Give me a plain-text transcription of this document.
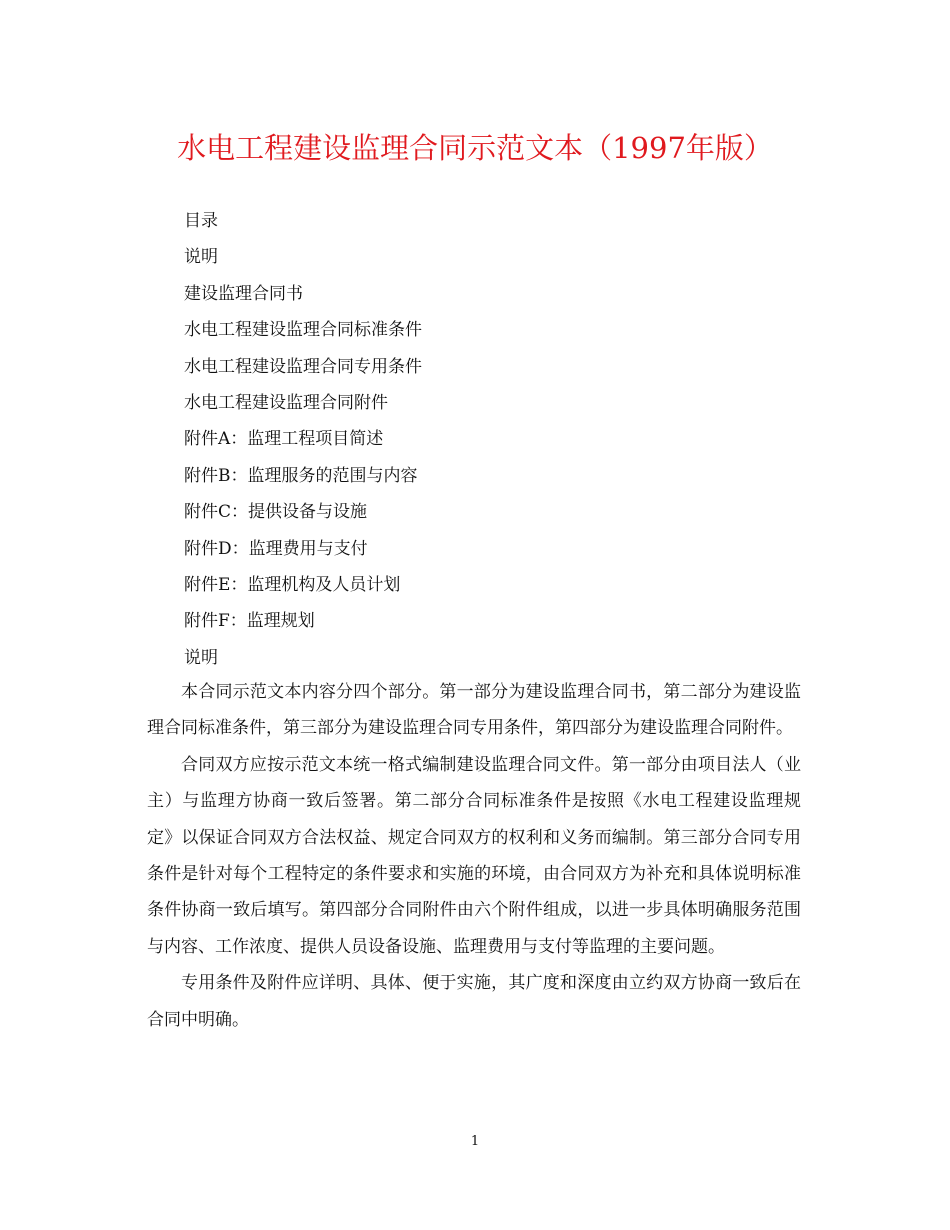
水电工程建设监理合同示范文本（1997年版）
目录
说明
建设监理合同书
水电工程建设监理合同标准条件
水电工程建设监理合同专用条件
水电工程建设监理合同附件
附件A：监理工程项目简述
附件B：监理服务的范围与内容
附件C：提供设备与设施
附件D：监理费用与支付
附件E：监理机构及人员计划
附件F：监理规划
说明

本合同示范文本内容分四个部分。第一部分为建设监理合同书，第二部分为建设监理合同标准条件，第三部分为建设监理合同专用条件，第四部分为建设监理合同附件。

合同双方应按示范文本统一格式编制建设监理合同文件。第一部分由项目法人（业主）与监理方协商一致后签署。第二部分合同标准条件是按照《水电工程建设监理规定》以保证合同双方合法权益、规定合同双方的权利和义务而编制。第三部分合同专用条件是针对每个工程特定的条件要求和实施的环境，由合同双方为补充和具体说明标准条件协商一致后填写。第四部分合同附件由六个附件组成，以进一步具体明确服务范围与内容、工作浓度、提供人员设备设施、监理费用与支付等监理的主要问题。

专用条件及附件应详明、具体、便于实施，其广度和深度由立约双方协商一致后在合同中明确。

1
